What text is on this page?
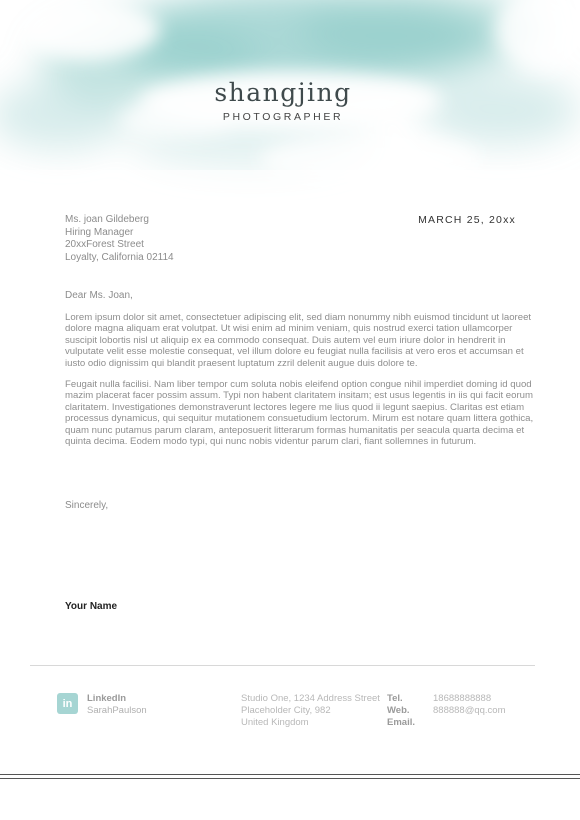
shangjing
PHOTOGRAPHER
Ms. joan Gildeberg
Hiring Manager
20xxForest Street
Loyalty, California 02114
MARCH 25, 20xx
Dear Ms. Joan,

Lorem ipsum dolor sit amet, consectetuer adipiscing elit, sed diam nonummy nibh euismod tincidunt ut laoreet dolore magna aliquam erat volutpat. Ut wisi enim ad minim veniam, quis nostrud exerci tation ullamcorper suscipit lobortis nisl ut aliquip ex ea commodo consequat. Duis autem vel eum iriure dolor in hendrerit in vulputate velit esse molestie consequat, vel illum dolore eu feugiat nulla facilisis at vero eros et accumsan et iusto odio dignissim qui blandit praesent luptatum zzril delenit augue duis dolore te.

Feugait nulla facilisi. Nam liber tempor cum soluta nobis eleifend option congue nihil imperdiet doming id quod mazim placerat facer possim assum. Typi non habent claritatem insitam; est usus legentis in iis qui facit eorum claritatem. Investigationes demonstraverunt lectores legere me lius quod ii legunt saepius. Claritas est etiam processus dynamicus, qui sequitur mutationem consuetudium lectorum. Mirum est notare quam littera gothica, quam nunc putamus parum claram, anteposuerit litterarum formas humanitatis per seacula quarta decima et quinta decima. Eodem modo typi, qui nunc nobis videntur parum clari, fiant sollemnes in futurum.

Sincerely,
Your Name
in LinkedIn
SarahPaulson
Studio One, 1234 Address Street
Placeholder City, 982
United Kingdom
Tel.	18688888888
Web.	888888@qq.com
Email.
